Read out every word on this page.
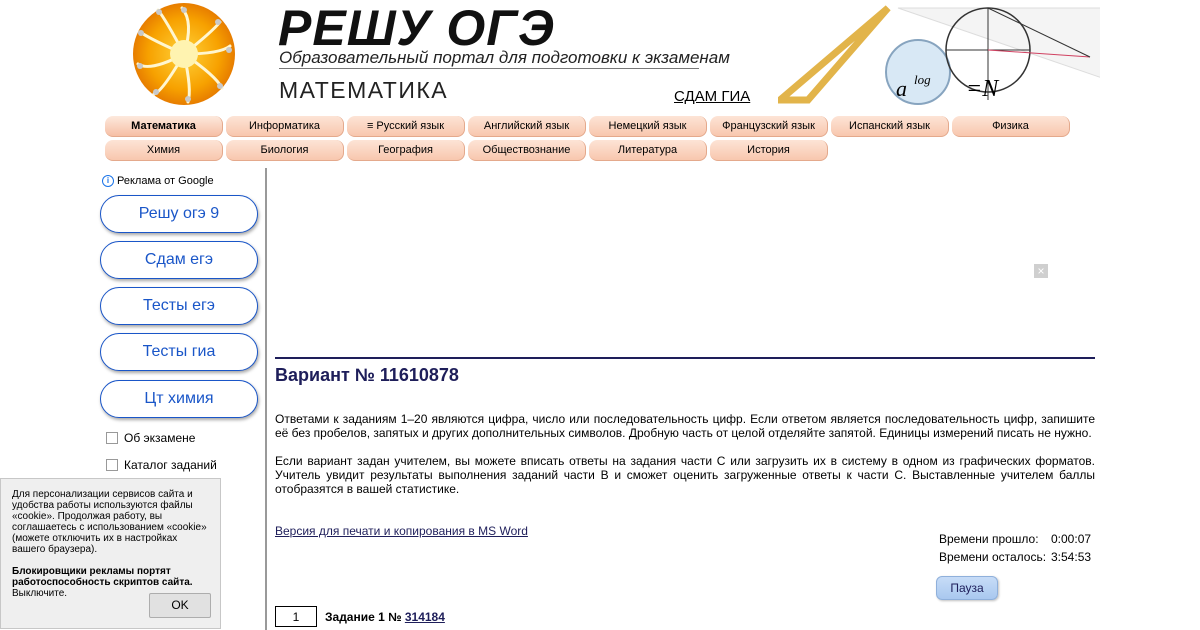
РЕШУ ОГЭ
Образовательный портал для подготовки к экзаменам
МАТЕМАТИКА	СДАМ ГИА	a log =N
Математика	Информатика	≡ Русский язык	Английский язык	Немецкий язык	Французский язык	Испанский язык	Физика
Химия	Биология	География	Обществознание	Литература	История
i Реклама от Google
Решу огэ 9
Сдам егэ
Тесты егэ
Тесты гиа
Цт химия
Об экзамене
Каталог заданий

Для персонализации сервисов сайта и удобства работы используются файлы «cookie». Продолжая работу, вы соглашаетесь с использованием «cookie» (можете отключить их в настройках вашего браузера).

Блокировщики рекламы портят работоспособность скриптов сайта.

Выключите.

OK
×
Вариант № 11610878
Ответами к заданиям 1–20 являются цифра, число или последовательность цифр. Если ответом является последовательность цифр, запишите её без пробелов, запятых и других дополнительных символов. Дробную часть от целой отделяйте запятой. Единицы измерений писать не нужно.
Если вариант задан учителем, вы можете вписать ответы на задания части С или загрузить их в систему в одном из графических форматов. Учитель увидит результаты выполнения заданий части В и сможет оценить загруженные ответы к части С. Выставленные учителем баллы отобразятся в вашей статистике.
Версия для печати и копирования в MS Word
Времени прошло: 0:00:07
Времени осталось: 3:54:53
Пауза
1	Задание 1 № 314184
